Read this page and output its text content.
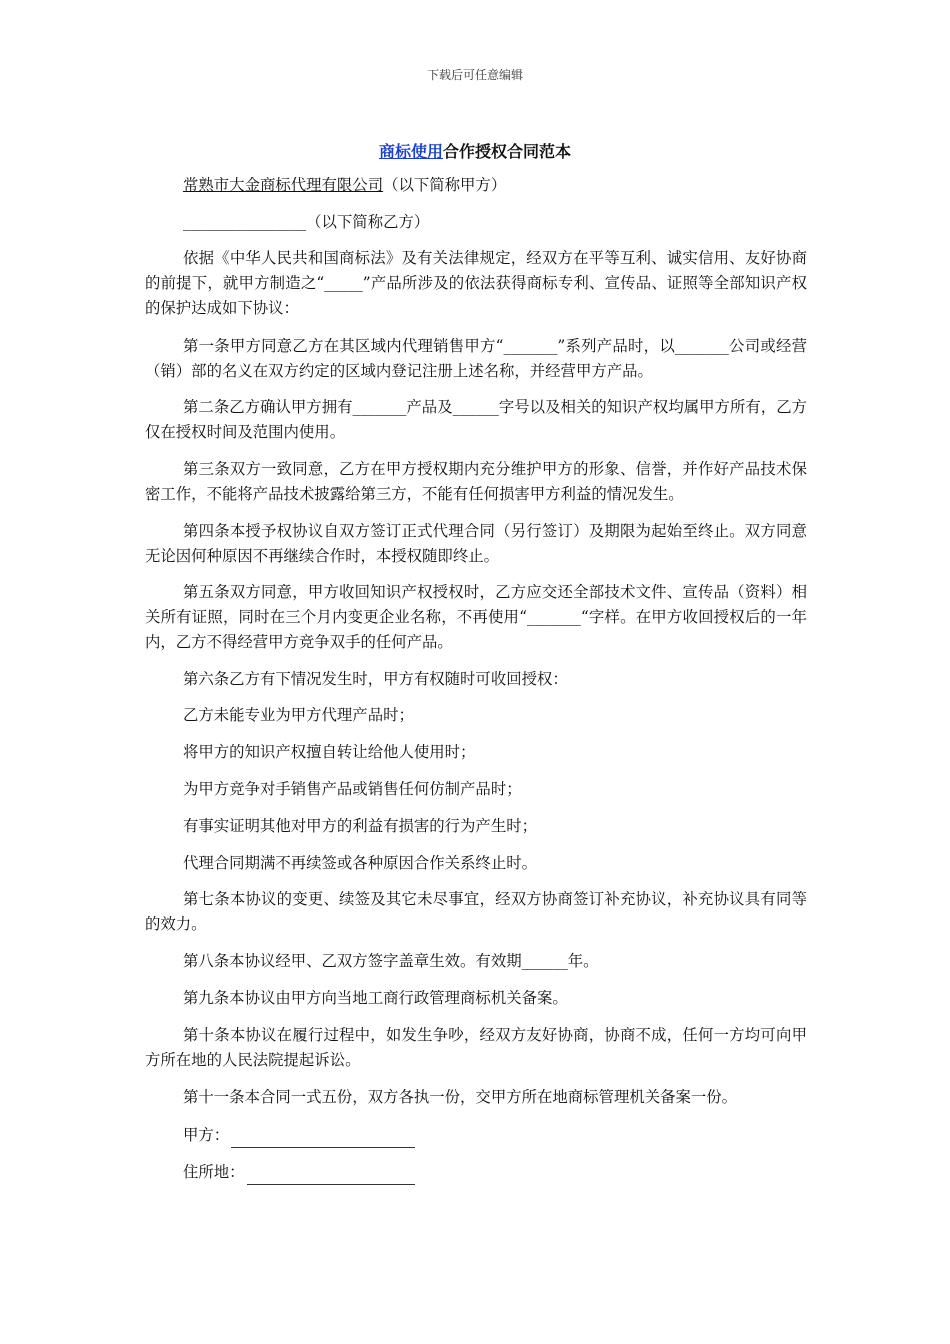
下载后可任意编辑
商标使用合作授权合同范本
常熟市大金商标代理有限公司（以下简称甲方）
________________（以下简称乙方）
依据《中华人民共和国商标法》及有关法律规定，经双方在平等互利、诚实信用、友好协商的前提下，就甲方制造之“_____”产品所涉及的依法获得商标专利、宣传品、证照等全部知识产权的保护达成如下协议：
第一条甲方同意乙方在其区域内代理销售甲方“_______”系列产品时，以_______公司或经营（销）部的名义在双方约定的区域内登记注册上述名称，并经营甲方产品。
第二条乙方确认甲方拥有_______产品及______字号以及相关的知识产权均属甲方所有，乙方仅在授权时间及范围内使用。
第三条双方一致同意，乙方在甲方授权期内充分维护甲方的形象、信誉，并作好产品技术保密工作，不能将产品技术披露给第三方，不能有任何损害甲方利益的情况发生。
第四条本授予权协议自双方签订正式代理合同（另行签订）及期限为起始至终止。双方同意无论因何种原因不再继续合作时，本授权随即终止。
第五条双方同意，甲方收回知识产权授权时，乙方应交还全部技术文件、宣传品（资料）相关所有证照，同时在三个月内变更企业名称，不再使用“_______“字样。在甲方收回授权后的一年内，乙方不得经营甲方竞争双手的任何产品。
第六条乙方有下情况发生时，甲方有权随时可收回授权：
乙方未能专业为甲方代理产品时；
将甲方的知识产权擅自转让给他人使用时；
为甲方竞争对手销售产品或销售任何仿制产品时；
有事实证明其他对甲方的利益有损害的行为产生时；
代理合同期满不再续签或各种原因合作关系终止时。
第七条本协议的变更、续签及其它未尽事宜，经双方协商签订补充协议，补充协议具有同等的效力。
第八条本协议经甲、乙双方签字盖章生效。有效期______年。
第九条本协议由甲方向当地工商行政管理商标机关备案。
第十条本协议在履行过程中，如发生争吵，经双方友好协商，协商不成，任何一方均可向甲方所在地的人民法院提起诉讼。
第十一条本合同一式五份，双方各执一份，交甲方所在地商标管理机关备案一份。
甲方：
住所地：
